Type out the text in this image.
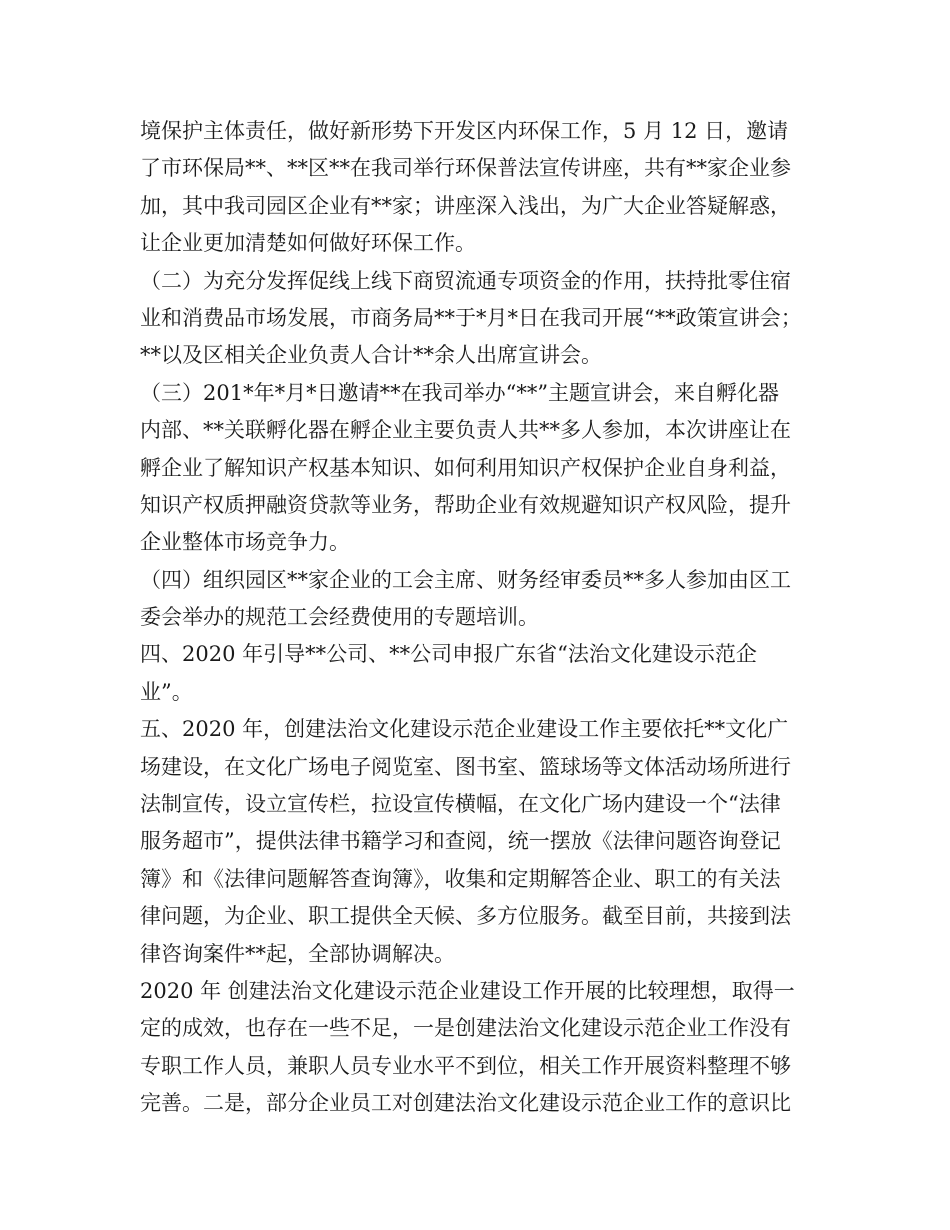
境保护主体责任，做好新形势下开发区内环保工作，5 月 12 日，邀请
了市环保局**、**区**在我司举行环保普法宣传讲座，共有**家企业参
加，其中我司园区企业有**家；讲座深入浅出，为广大企业答疑解惑，
让企业更加清楚如何做好环保工作。
（二）为充分发挥促线上线下商贸流通专项资金的作用，扶持批零住宿
业和消费品市场发展，市商务局**于*月*日在我司开展“**政策宣讲会；
**以及区相关企业负责人合计**余人出席宣讲会。
（三）201*年*月*日邀请**在我司举办“**”主题宣讲会，来自孵化器
内部、**关联孵化器在孵企业主要负责人共**多人参加，本次讲座让在
孵企业了解知识产权基本知识、如何利用知识产权保护企业自身利益，
知识产权质押融资贷款等业务，帮助企业有效规避知识产权风险，提升
企业整体市场竞争力。
（四）组织园区**家企业的工会主席、财务经审委员**多人参加由区工
委会举办的规范工会经费使用的专题培训。
四、2020 年引导**公司、**公司申报广东省“法治文化建设示范企
业”。
五、2020 年，创建法治文化建设示范企业建设工作主要依托**文化广
场建设，在文化广场电子阅览室、图书室、篮球场等文体活动场所进行
法制宣传，设立宣传栏，拉设宣传横幅，在文化广场内建设一个“法律
服务超市”，提供法律书籍学习和查阅，统一摆放《法律问题咨询登记
簿》和《法律问题解答查询簿》，收集和定期解答企业、职工的有关法
律问题，为企业、职工提供全天候、多方位服务。截至目前，共接到法
律咨询案件**起，全部协调解决。
2020 年 创建法治文化建设示范企业建设工作开展的比较理想，取得一
定的成效，也存在一些不足，一是创建法治文化建设示范企业工作没有
专职工作人员，兼职人员专业水平不到位，相关工作开展资料整理不够
完善。二是，部分企业员工对创建法治文化建设示范企业工作的意识比
